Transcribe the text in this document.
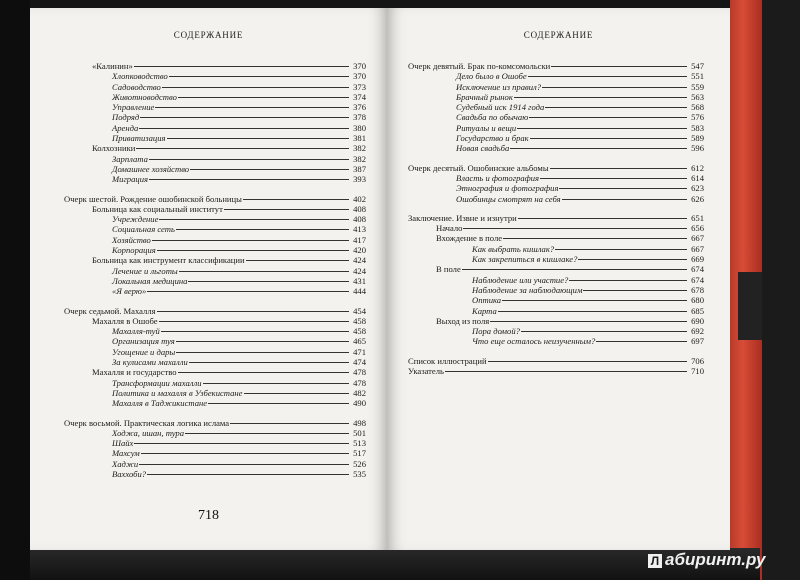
СОДЕРЖАНИЕ
«Калинин»	370
Хлопководство	370
Садоводство	373
Животноводство	374
Управление	376
Подряд	378
Аренда	380
Приватизация	381
Колхозники	382
Зарплата	382
Домашнее хозяйство	387
Миграция	393
Очерк шестой. Рождение ошобинской больницы	402
Больница как социальный институт	408
Учреждение	408
Социальная сеть	413
Хозяйство	417
Корпорация	420
Больница как инструмент классификации	424
Лечение и льготы	424
Локальная медицина	431
«Я верю»	444
Очерк седьмой. Махалля	454
Махалля в Ошобе	458
Махалля-туй	458
Организация туя	465
Угощение и дары	471
За кулисами махалли	474
Махалля и государство	478
Трансформации махалли	478
Политика и махалля в Узбекистане	482
Махалля в Таджикистане	490
Очерк восьмой. Практическая логика ислама	498
Ходжа, ишан, тура	501
Шайх	513
Махсум	517
Хаджи	526
Ваххоби?	535
718
СОДЕРЖАНИЕ
Очерк девятый. Брак по-комсомольски	547
Дело было в Ошобе	551
Исключение из правил?	559
Брачный рынок	563
Судебный иск 1914 года	568
Свадьба по обычаю	576
Ритуалы и вещи	583
Государство и брак	589
Новая свадьба	596
Очерк десятый. Ошобинские альбомы	612
Власть и фотография	614
Этнография и фотография	623
Ошобинцы смотрят на себя	626
Заключение. Извне и изнутри	651
Начало	656
Вхождение в поле	667
Как выбрать кишлак?	667
Как закрепиться в кишлаке?	669
В поле	674
Наблюдение или участие?	674
Наблюдение за наблюдающим	678
Оптика	680
Карта	685
Выход из поля	690
Пора домой?	692
Что еще осталось неизученным?	697
Список иллюстраций	706
Указатель	710
Л абиринт.ру
